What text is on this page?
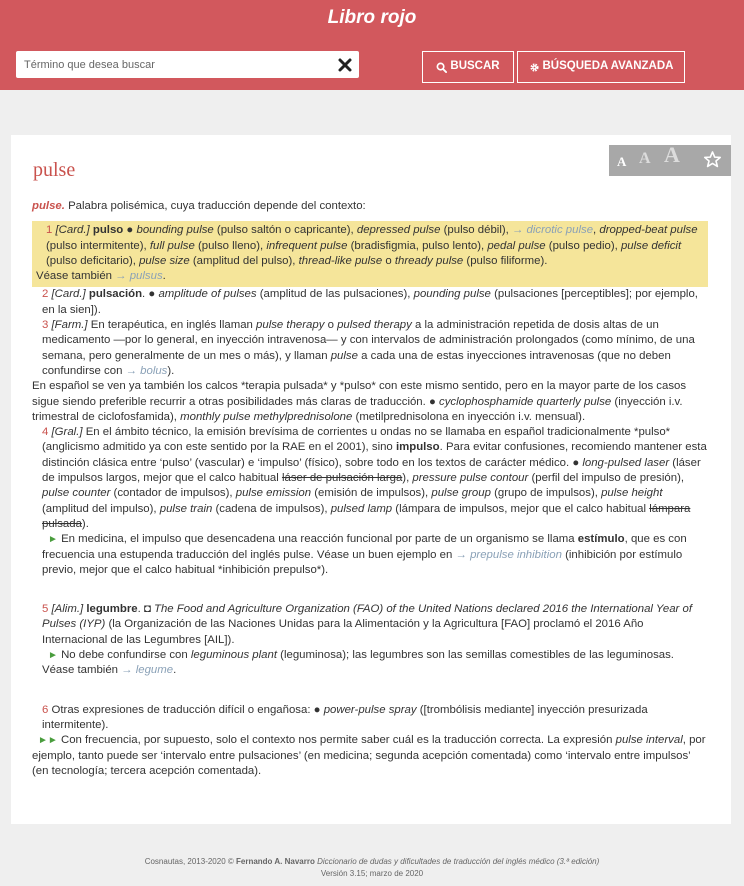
Libro rojo
Término que desea buscar
BUSCAR	BÚSQUEDA AVANZADA
pulse	A A A

pulse. Palabra polisémica, cuya traducción depende del contexto:

1 [Card.] pulso ● bounding pulse (pulso saltón o capricante), depressed pulse (pulso débil), → dicrotic pulse, dropped-beat pulse (pulso intermitente), full pulse (pulso lleno), infrequent pulse (bradisfigmia, pulso lento), pedal pulse (pulso pedio), pulse deficit (pulso deficitario), pulse size (amplitud del pulso), thread-like pulse o thready pulse (pulso filiforme).
Véase también → pulsus.
2 [Card.] pulsación. ● amplitude of pulses (amplitud de las pulsaciones), pounding pulse (pulsaciones [perceptibles]; por ejemplo, en la sien]).
3 [Farm.] En terapéutica, en inglés llaman pulse therapy o pulsed therapy a la administración repetida de dosis altas de un medicamento —por lo general, en inyección intravenosa— y con intervalos de administración prolongados (como mínimo, de una semana, pero generalmente de un mes o más), y llaman pulse a cada una de estas inyecciones intravenosas (que no deben confundirse con → bolus).
En español se ven ya también los calcos *terapia pulsada* y *pulso* con este mismo sentido, pero en la mayor parte de los casos sigue siendo preferible recurrir a otras posibilidades más claras de traducción. ● cyclophosphamide quarterly pulse (inyección i.v. trimestral de ciclofosfamida), monthly pulse methylprednisolone (metilprednisolona en inyección i.v. mensual).
4 [Gral.] En el ámbito técnico, la emisión brevísima de corrientes u ondas no se llamaba en español tradicionalmente *pulso* (anglicismo admitido ya con este sentido por la RAE en el 2001), sino impulso. Para evitar confusiones, recomiendo mantener esta distinción clásica entre ‘pulso’ (vascular) e ‘impulso’ (físico), sobre todo en los textos de carácter médico. ● long-pulsed laser (láser de impulsos largos, mejor que el calco habitual láser de pulsación larga), pressure pulse contour (perfil del impulso de presión), pulse counter (contador de impulsos), pulse emission (emisión de impulsos), pulse group (grupo de impulsos), pulse height (amplitud del impulso), pulse train (cadena de impulsos), pulsed lamp (lámpara de impulsos, mejor que el calco habitual lámpara pulsada).
► En medicina, el impulso que desencadena una reacción funcional por parte de un organismo se llama estímulo, que es con frecuencia una estupenda traducción del inglés pulse. Véase un buen ejemplo en → prepulse inhibition (inhibición por estímulo previo, mejor que el calco habitual *inhibición prepulso*).
5 [Alim.] legumbre. ◘ The Food and Agriculture Organization (FAO) of the United Nations declared 2016 the International Year of Pulses (IYP) (la Organización de las Naciones Unidas para la Alimentación y la Agricultura [FAO] proclamó el 2016 Año Internacional de las Legumbres [AIL]).
► No debe confundirse con leguminous plant (leguminosa); las legumbres son las semillas comestibles de las leguminosas.
Véase también → legume.
6 Otras expresiones de traducción difícil o engañosa: ● power-pulse spray ([trombólisis mediante] inyección presurizada intermitente).
►► Con frecuencia, por supuesto, solo el contexto nos permite saber cuál es la traducción correcta. La expresión pulse interval, por ejemplo, tanto puede ser ‘intervalo entre pulsaciones’ (en medicina; segunda acepción comentada) como ‘intervalo entre impulsos’ (en tecnología; tercera acepción comentada).
Cosnautas, 2013-2020 © Fernando A. Navarro Diccionario de dudas y dificultades de traducción del inglés médico (3.ª edición)
Versión 3.15; marzo de 2020
